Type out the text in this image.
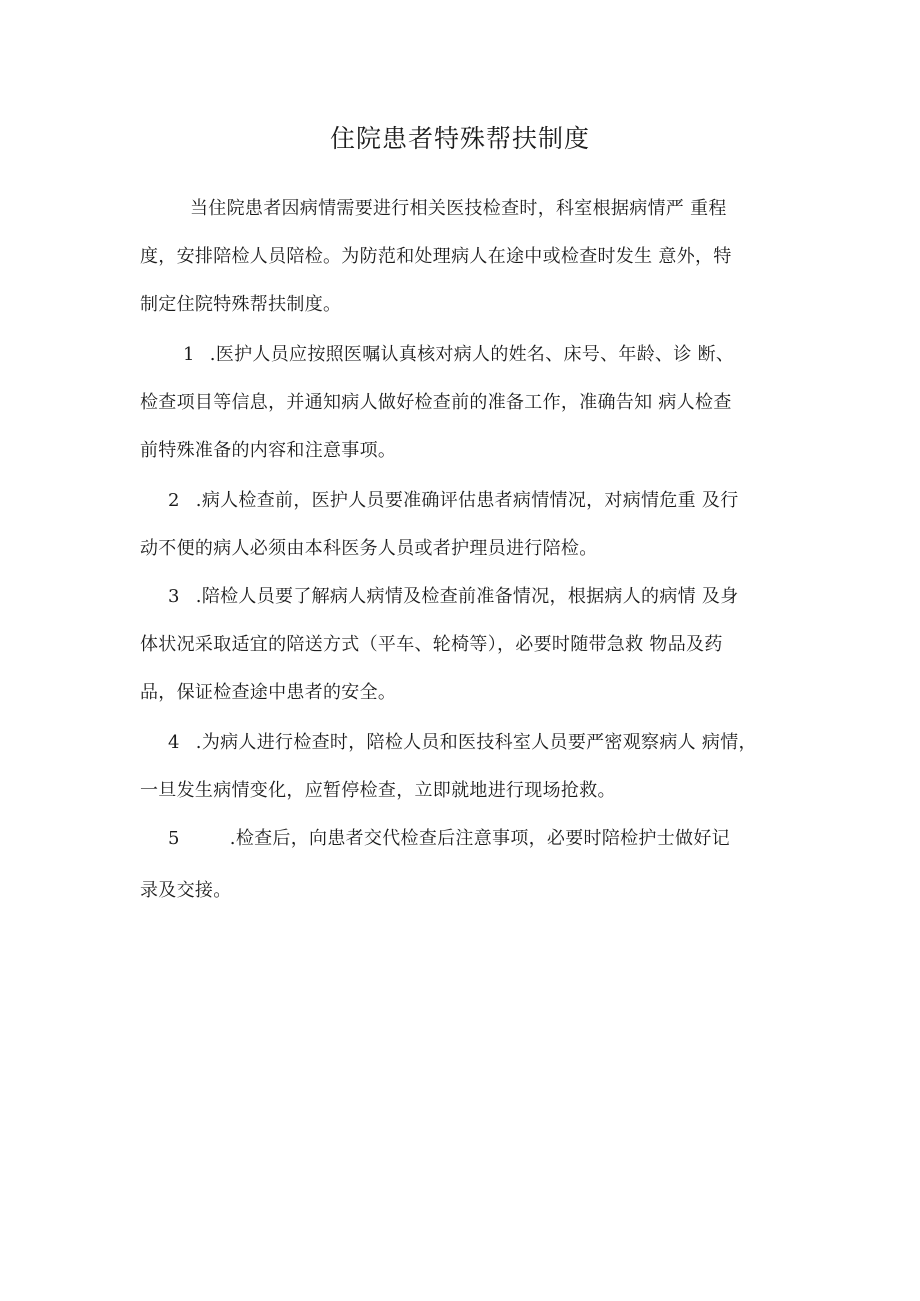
住院患者特殊帮扶制度
当住院患者因病情需要进行相关医技检查时，科室根据病情严 重程
度，安排陪检人员陪检。为防范和处理病人在途中或检查时发生 意外，特
制定住院特殊帮扶制度。
1 .医护人员应按照医嘱认真核对病人的姓名、床号、年龄、诊 断、
检查项目等信息，并通知病人做好检查前的准备工作，准确告知 病人检查
前特殊准备的内容和注意事项。
2 .病人检查前，医护人员要准确评估患者病情情况，对病情危重 及行
动不便的病人必须由本科医务人员或者护理员进行陪检。
3 .陪检人员要了解病人病情及检查前准备情况，根据病人的病情 及身
体状况采取适宜的陪送方式（平车、轮椅等），必要时随带急救 物品及药
品，保证检查途中患者的安全。
4 .为病人进行检查时，陪检人员和医技科室人员要严密观察病人 病情，
一旦发生病情变化，应暂停检查，立即就地进行现场抢救。
5	.检查后，向患者交代检查后注意事项，必要时陪检护士做好记
录及交接。
